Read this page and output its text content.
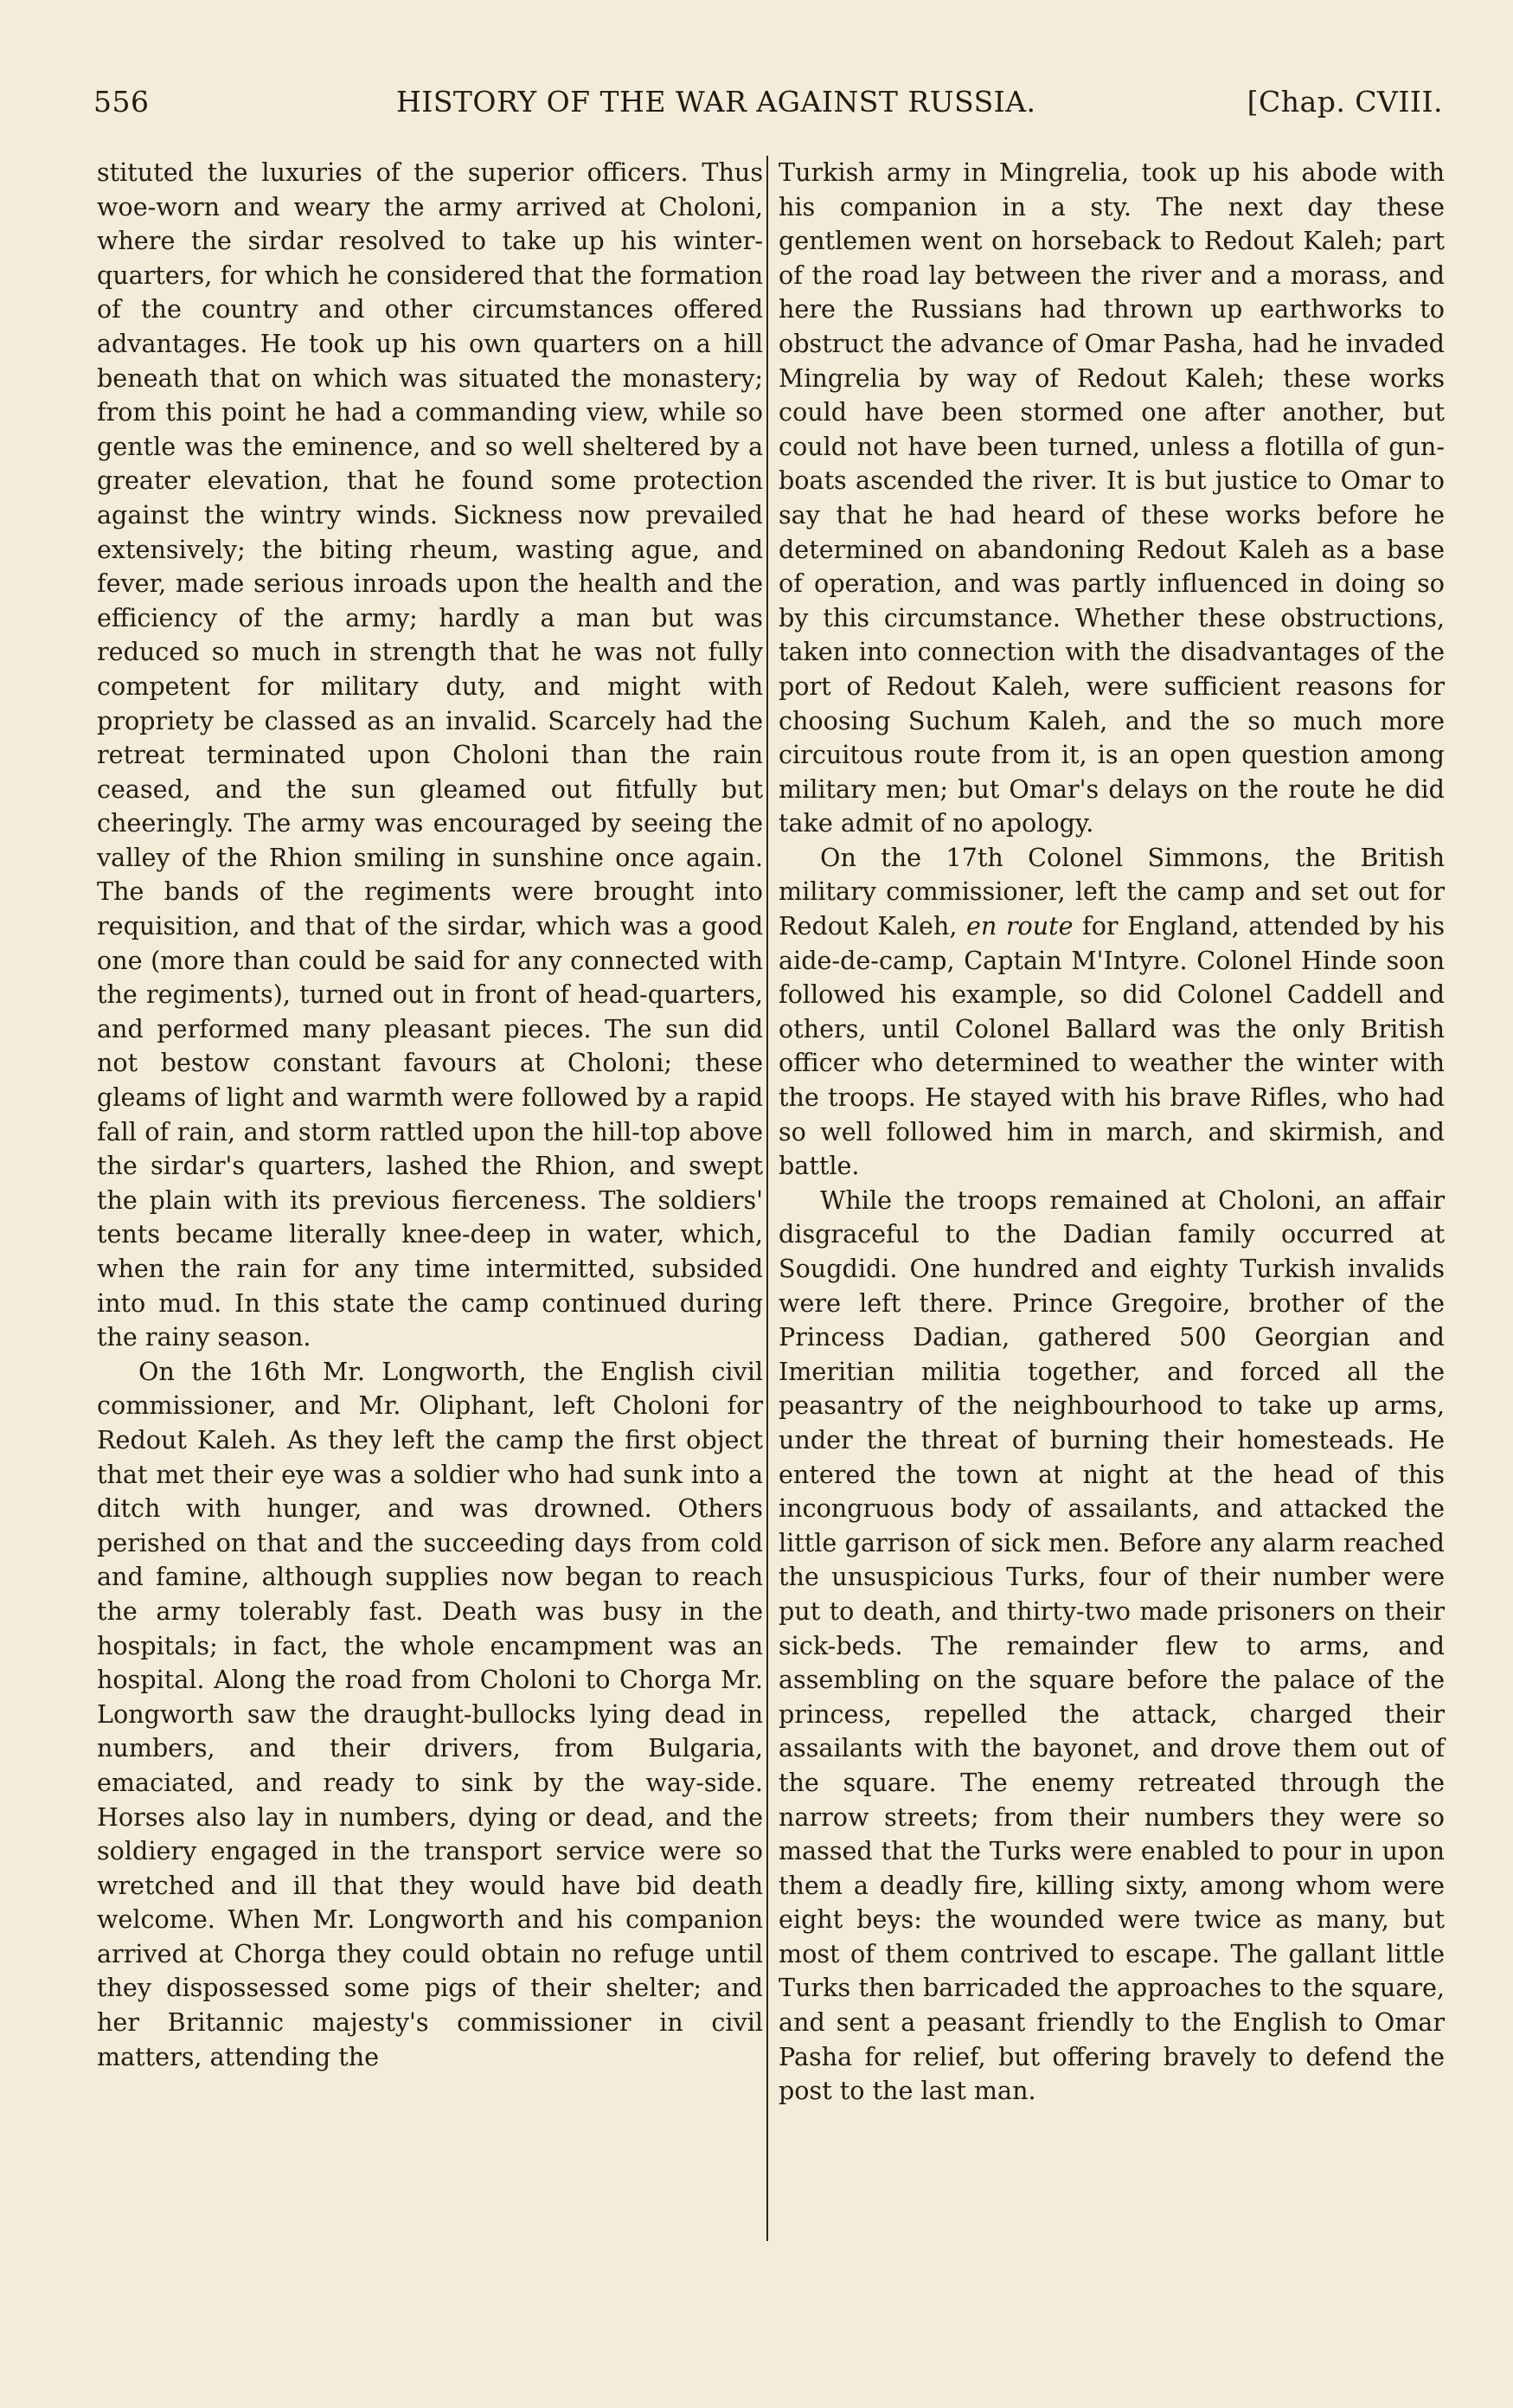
556	HISTORY OF THE WAR AGAINST RUSSIA.	[Chap. CVIII.

stituted the luxuries of the superior officers. Thus woe-worn and weary the army arrived at Choloni, where the sirdar resolved to take up his winter-quarters, for which he considered that the formation of the country and other circumstances offered advantages. He took up his own quarters on a hill beneath that on which was situated the monastery; from this point he had a commanding view, while so gentle was the eminence, and so well sheltered by a greater elevation, that he found some protection against the wintry winds. Sickness now prevailed extensively; the biting rheum, wasting ague, and fever, made serious inroads upon the health and the efficiency of the army; hardly a man but was reduced so much in strength that he was not fully competent for military duty, and might with propriety be classed as an invalid. Scarcely had the retreat terminated upon Choloni than the rain ceased, and the sun gleamed out fitfully but cheeringly. The army was encouraged by seeing the valley of the Rhion smiling in sunshine once again. The bands of the regiments were brought into requisition, and that of the sirdar, which was a good one (more than could be said for any connected with the regiments), turned out in front of head-quarters, and performed many pleasant pieces. The sun did not bestow constant favours at Choloni; these gleams of light and warmth were followed by a rapid fall of rain, and storm rattled upon the hill-top above the sirdar's quarters, lashed the Rhion, and swept the plain with its previous fierceness. The soldiers' tents became literally knee-deep in water, which, when the rain for any time intermitted, subsided into mud. In this state the camp continued during the rainy season.

On the 16th Mr. Longworth, the English civil commissioner, and Mr. Oliphant, left Choloni for Redout Kaleh. As they left the camp the first object that met their eye was a soldier who had sunk into a ditch with hunger, and was drowned. Others perished on that and the succeeding days from cold and famine, although supplies now began to reach the army tolerably fast. Death was busy in the hospitals; in fact, the whole encampment was an hospital. Along the road from Choloni to Chorga Mr. Longworth saw the draught-bullocks lying dead in numbers, and their drivers, from Bulgaria, emaciated, and ready to sink by the way-side. Horses also lay in numbers, dying or dead, and the soldiery engaged in the transport service were so wretched and ill that they would have bid death welcome. When Mr. Longworth and his companion arrived at Chorga they could obtain no refuge until they dispossessed some pigs of their shelter; and her Britannic majesty's commissioner in civil matters, attending the

Turkish army in Mingrelia, took up his abode with his companion in a sty. The next day these gentlemen went on horseback to Redout Kaleh; part of the road lay between the river and a morass, and here the Russians had thrown up earthworks to obstruct the advance of Omar Pasha, had he invaded Mingrelia by way of Redout Kaleh; these works could have been stormed one after another, but could not have been turned, unless a flotilla of gun-boats ascended the river. It is but justice to Omar to say that he had heard of these works before he determined on abandoning Redout Kaleh as a base of operation, and was partly influenced in doing so by this circumstance. Whether these obstructions, taken into connection with the disadvantages of the port of Redout Kaleh, were sufficient reasons for choosing Suchum Kaleh, and the so much more circuitous route from it, is an open question among military men; but Omar's delays on the route he did take admit of no apology.

On the 17th Colonel Simmons, the British military commissioner, left the camp and set out for Redout Kaleh, en route for England, attended by his aide-de-camp, Captain M'Intyre. Colonel Hinde soon followed his example, so did Colonel Caddell and others, until Colonel Ballard was the only British officer who determined to weather the winter with the troops. He stayed with his brave Rifles, who had so well followed him in march, and skirmish, and battle.

While the troops remained at Choloni, an affair disgraceful to the Dadian family occurred at Sougdidi. One hundred and eighty Turkish invalids were left there. Prince Gregoire, brother of the Princess Dadian, gathered 500 Georgian and Imeritian militia together, and forced all the peasantry of the neighbourhood to take up arms, under the threat of burning their homesteads. He entered the town at night at the head of this incongruous body of assailants, and attacked the little garrison of sick men. Before any alarm reached the unsuspicious Turks, four of their number were put to death, and thirty-two made prisoners on their sick-beds. The remainder flew to arms, and assembling on the square before the palace of the princess, repelled the attack, charged their assailants with the bayonet, and drove them out of the square. The enemy retreated through the narrow streets; from their numbers they were so massed that the Turks were enabled to pour in upon them a deadly fire, killing sixty, among whom were eight beys: the wounded were twice as many, but most of them contrived to escape. The gallant little Turks then barricaded the approaches to the square, and sent a peasant friendly to the English to Omar Pasha for relief, but offering bravely to defend the post to the last man.
